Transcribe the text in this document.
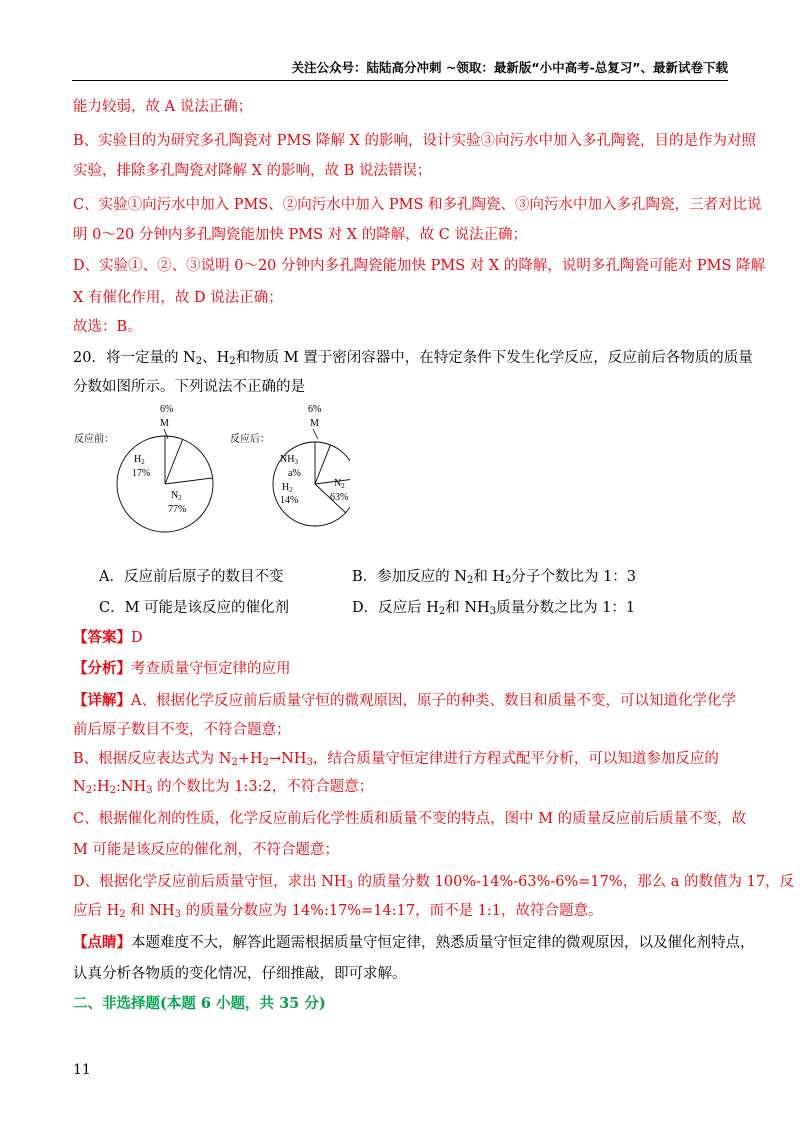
关注公众号：陆陆高分冲刺 ~领取：最新版“小中高考-总复习”、最新试卷下载
能力较弱，故 A 说法正确；
B、实验目的为研究多孔陶瓷对 PMS 降解 X 的影响，设计实验③向污水中加入多孔陶瓷，目的是作为对照
实验，排除多孔陶瓷对降解 X 的影响，故 B 说法错误；
C、实验①向污水中加入 PMS、②向污水中加入 PMS 和多孔陶瓷、③向污水中加入多孔陶瓷，三者对比说
明 0～20 分钟内多孔陶瓷能加快 PMS 对 X 的降解，故 C 说法正确；
D、实验①、②、③说明 0～20 分钟内多孔陶瓷能加快 PMS 对 X 的降解，说明多孔陶瓷可能对 PMS 降解
X 有催化作用，故 D 说法正确；
故选：B。
20．将一定量的 $N_2$、$H_2$和物质 M 置于密闭容器中，在特定条件下发生化学反应，反应前后各物质的质量
分数如图所示。下列说法不正确的是
反应前：
6%
M
$H_2$
17%
$N_2$
77%
反应后：
6%
M
$NH_3$
a%
$H_2$
14%
$N_2$
63%
A．反应前后原子的数目不变	B．参加反应的 $N_2$和 $H_2$分子个数比为 1：3
C．M 可能是该反应的催化剂	D．反应后 $H_2$和 $NH_3$质量分数之比为 1：1
【答案】D
【分析】考查质量守恒定律的应用
【详解】A、根据化学反应前后质量守恒的微观原因，原子的种类、数目和质量不变，可以知道化学化学
前后原子数目不变，不符合题意；
B、根据反应表达式为 $N_2+H_2\to NH_3$，结合质量守恒定律进行方程式配平分析，可以知道参加反应的
$N_2:H_2:NH_3$ 的个数比为 1:3:2，不符合题意；
C、根据催化剂的性质，化学反应前后化学性质和质量不变的特点，图中 M 的质量反应前后质量不变，故
M 可能是该反应的催化剂，不符合题意；
D、根据化学反应前后质量守恒，求出 $NH_3$ 的质量分数 100%-14%-63%-6%=17%，那么 a 的数值为 17，反
应后 $H_2$ 和 $NH_3$ 的质量分数应为 14%:17%=14:17，而不是 1:1，故符合题意。
【点睛】本题难度不大，解答此题需根据质量守恒定律，熟悉质量守恒定律的微观原因，以及催化剂特点，
认真分析各物质的变化情况，仔细推敲，即可求解。
二、非选择题(本题 6 小题，共 35 分)
11
